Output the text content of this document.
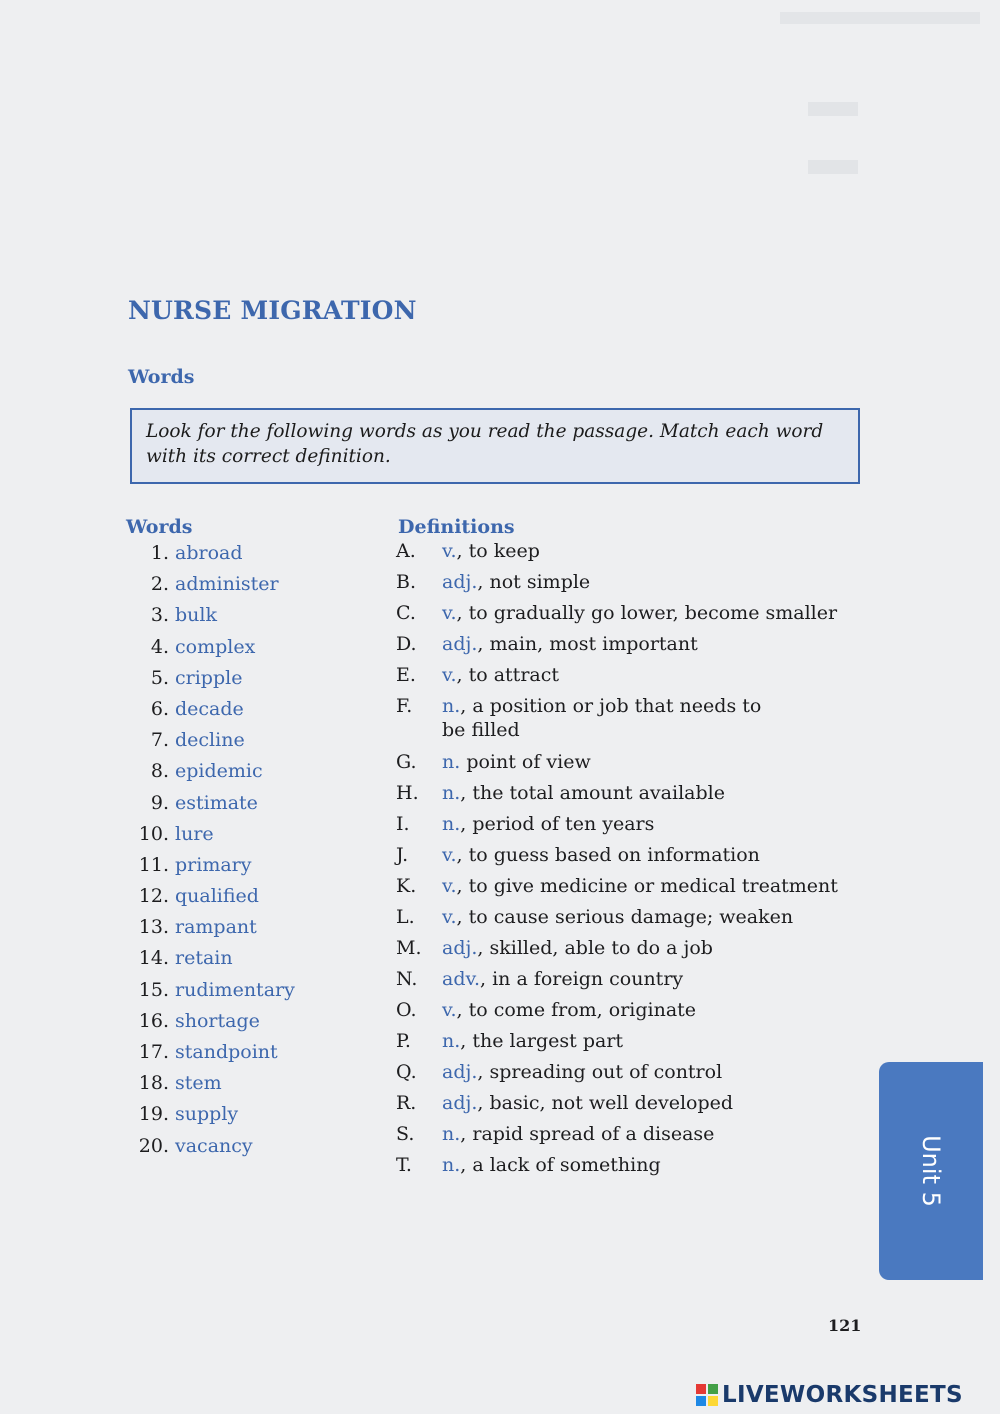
NURSE MIGRATION
Words
Look for the following words as you read the passage. Match each word with its correct definition.
Words	Definitions
1. abroad
2. administer
3. bulk
4. complex
5. cripple
6. decade
7. decline
8. epidemic
9. estimate
10. lure
11. primary
12. qualified
13. rampant
14. retain
15. rudimentary
16. shortage
17. standpoint
18. stem
19. supply
20. vacancy
A. v., to keep
B. adj., not simple
C. v., to gradually go lower, become smaller
D. adj., main, most important
E. v., to attract
F. n., a position or job that needs to
be filled
G. n. point of view
H. n., the total amount available
I. n., period of ten years
J. v., to guess based on information
K. v., to give medicine or medical treatment
L. v., to cause serious damage; weaken
M. adj., skilled, able to do a job
N. adv., in a foreign country
O. v., to come from, originate
P. n., the largest part
Q. adj., spreading out of control
R. adj., basic, not well developed
S. n., rapid spread of a disease
T. n., a lack of something	Unit 5
121
LIVEWORKSHEETS
